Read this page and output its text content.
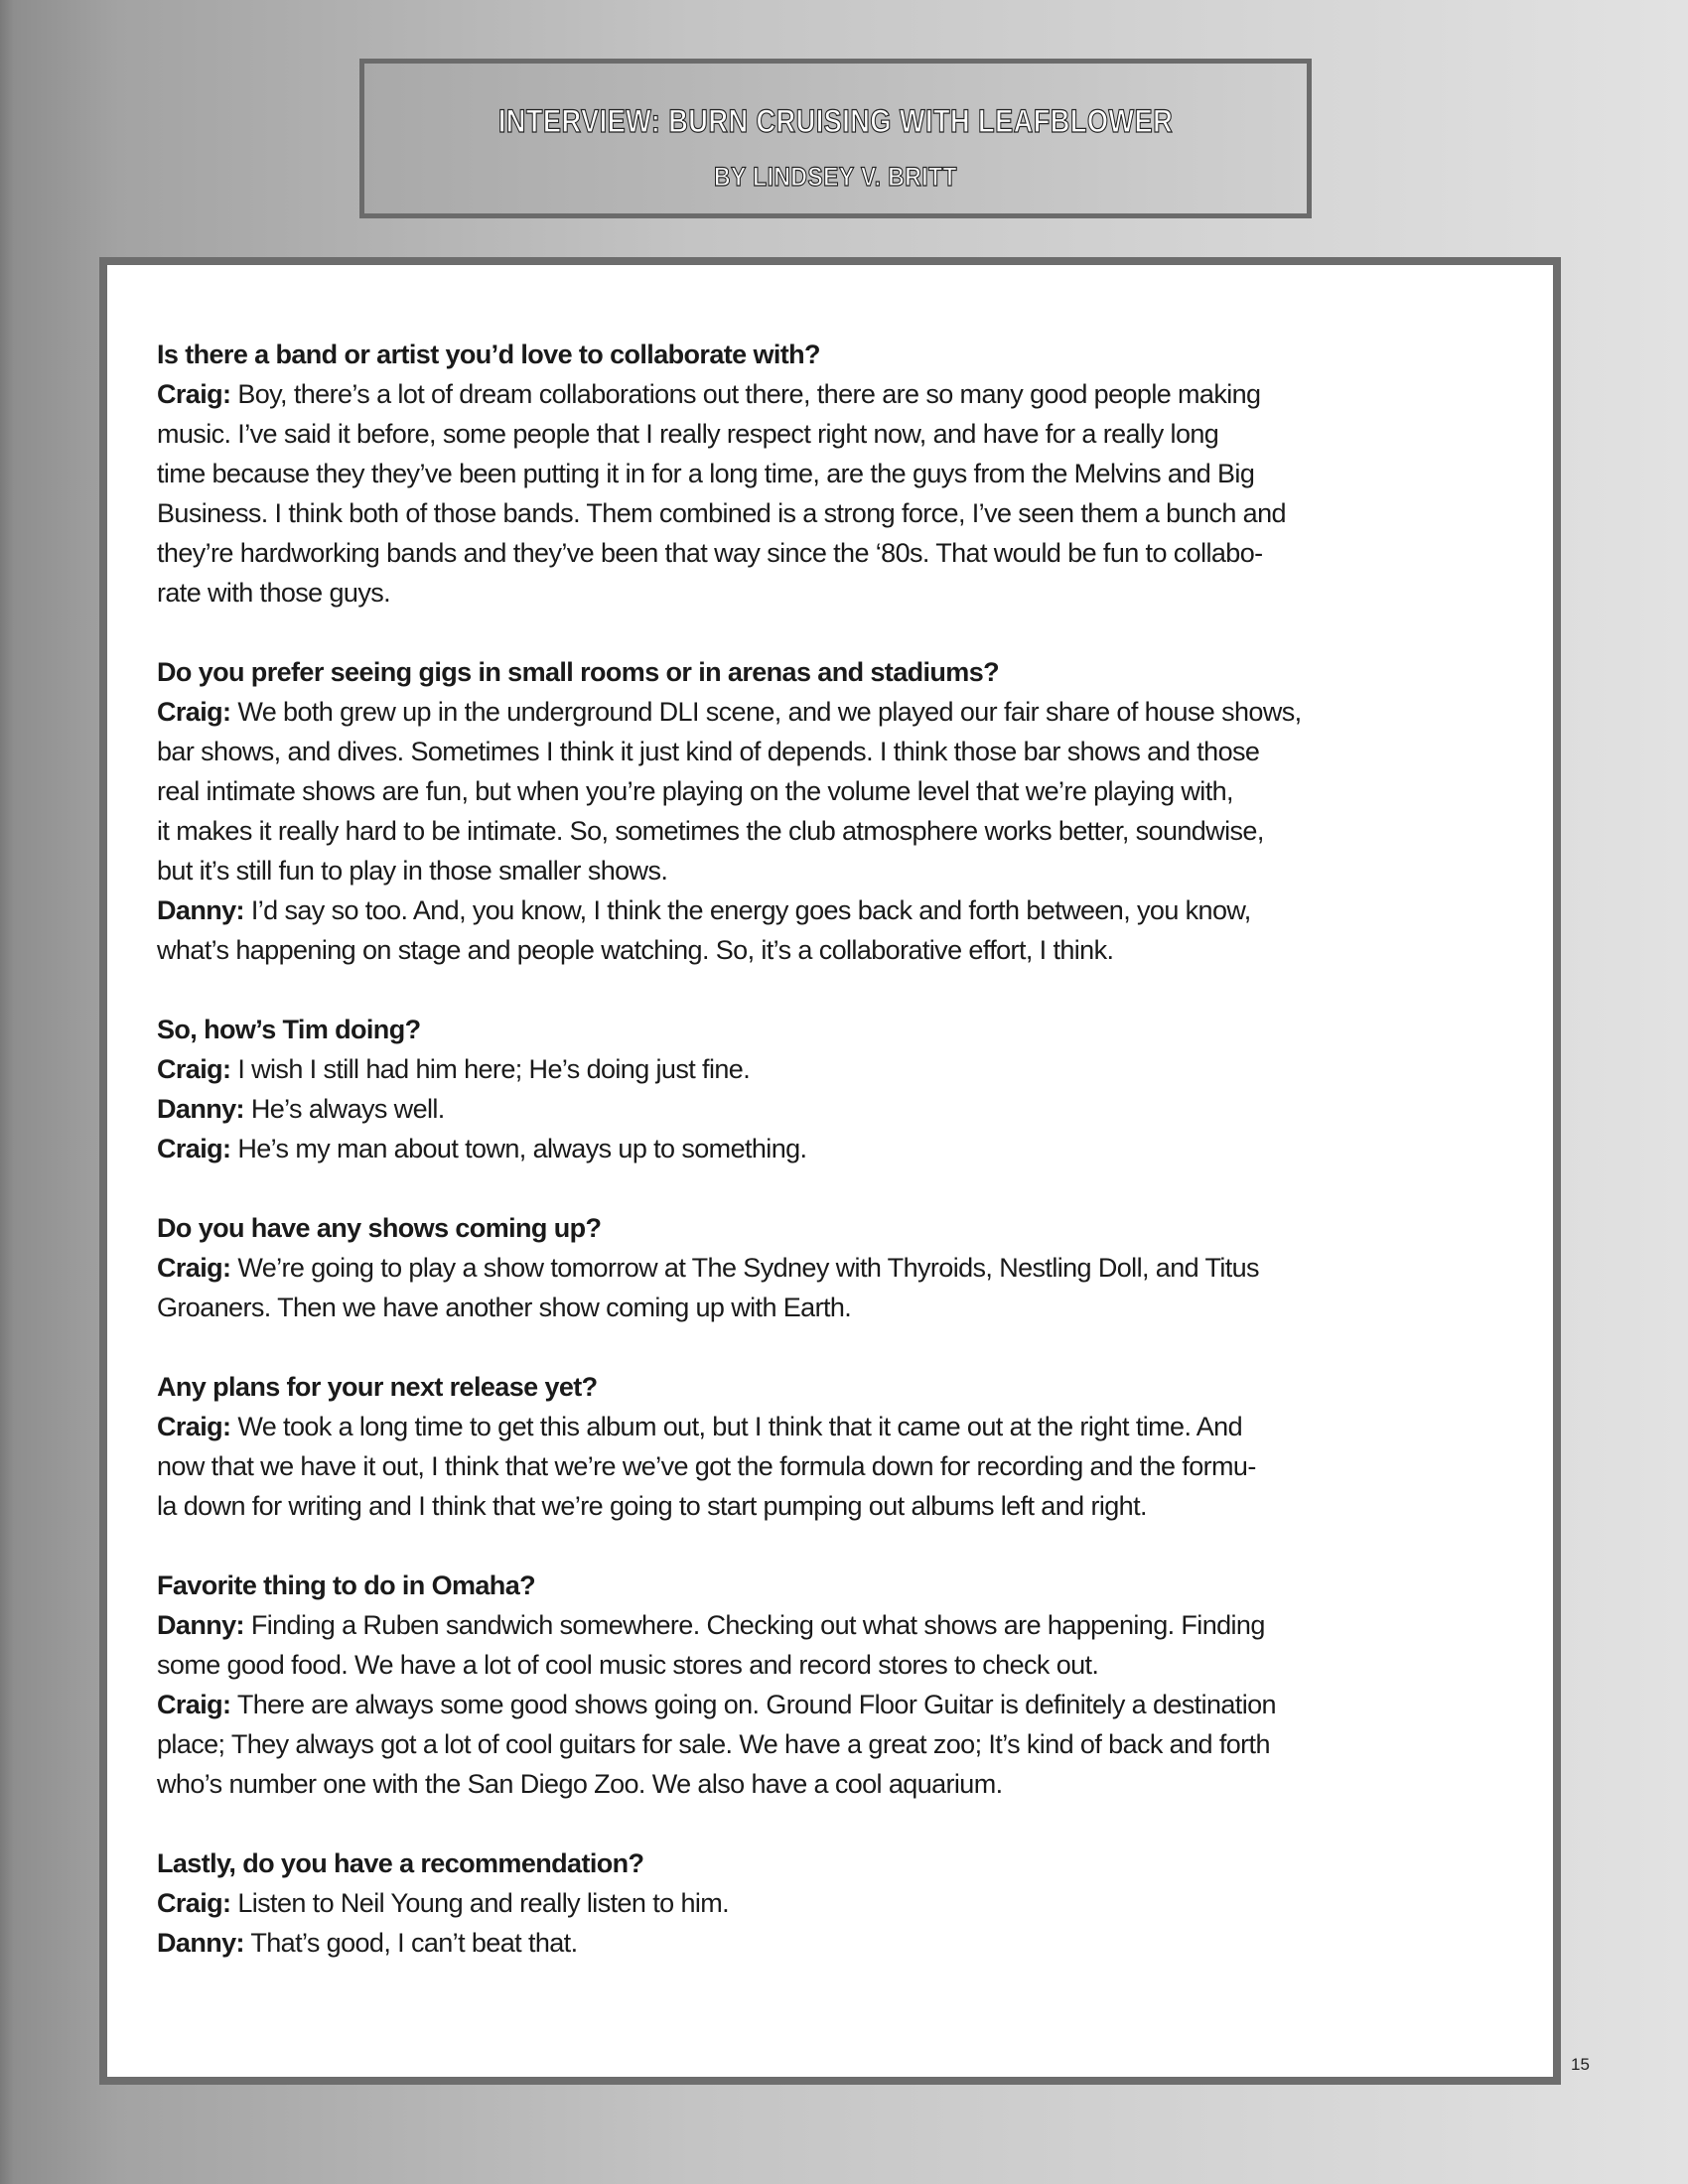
INTERVIEW: BURN CRUISING WITH LEAFBLOWER
BY LINDSEY V. BRITT
Is there a band or artist you’d love to collaborate with?
Craig: Boy, there’s a lot of dream collaborations out there, there are so many good people making
music. I’ve said it before, some people that I really respect right now, and have for a really long
time because they they’ve been putting it in for a long time, are the guys from the Melvins and Big
Business. I think both of those bands. Them combined is a strong force, I’ve seen them a bunch and
they’re hardworking bands and they’ve been that way since the ‘80s. That would be fun to collabo-
rate with those guys.
Do you prefer seeing gigs in small rooms or in arenas and stadiums?
Craig: We both grew up in the underground DLI scene, and we played our fair share of house shows,
bar shows, and dives. Sometimes I think it just kind of depends. I think those bar shows and those
real intimate shows are fun, but when you’re playing on the volume level that we’re playing with,
it makes it really hard to be intimate. So, sometimes the club atmosphere works better, soundwise,
but it’s still fun to play in those smaller shows.
Danny: I’d say so too. And, you know, I think the energy goes back and forth between, you know,
what’s happening on stage and people watching. So, it’s a collaborative effort, I think.
So, how’s Tim doing?
Craig: I wish I still had him here; He’s doing just fine.
Danny: He’s always well.
Craig: He’s my man about town, always up to something.
Do you have any shows coming up?
Craig: We’re going to play a show tomorrow at The Sydney with Thyroids, Nestling Doll, and Titus
Groaners. Then we have another show coming up with Earth.
Any plans for your next release yet?
Craig: We took a long time to get this album out, but I think that it came out at the right time. And
now that we have it out, I think that we’re we’ve got the formula down for recording and the formu-
la down for writing and I think that we’re going to start pumping out albums left and right.
Favorite thing to do in Omaha?
Danny: Finding a Ruben sandwich somewhere. Checking out what shows are happening. Finding
some good food. We have a lot of cool music stores and record stores to check out.
Craig: There are always some good shows going on. Ground Floor Guitar is definitely a destination
place; They always got a lot of cool guitars for sale. We have a great zoo; It’s kind of back and forth
who’s number one with the San Diego Zoo. We also have a cool aquarium.
Lastly, do you have a recommendation?
Craig: Listen to Neil Young and really listen to him.
Danny: That’s good, I can’t beat that.
15
